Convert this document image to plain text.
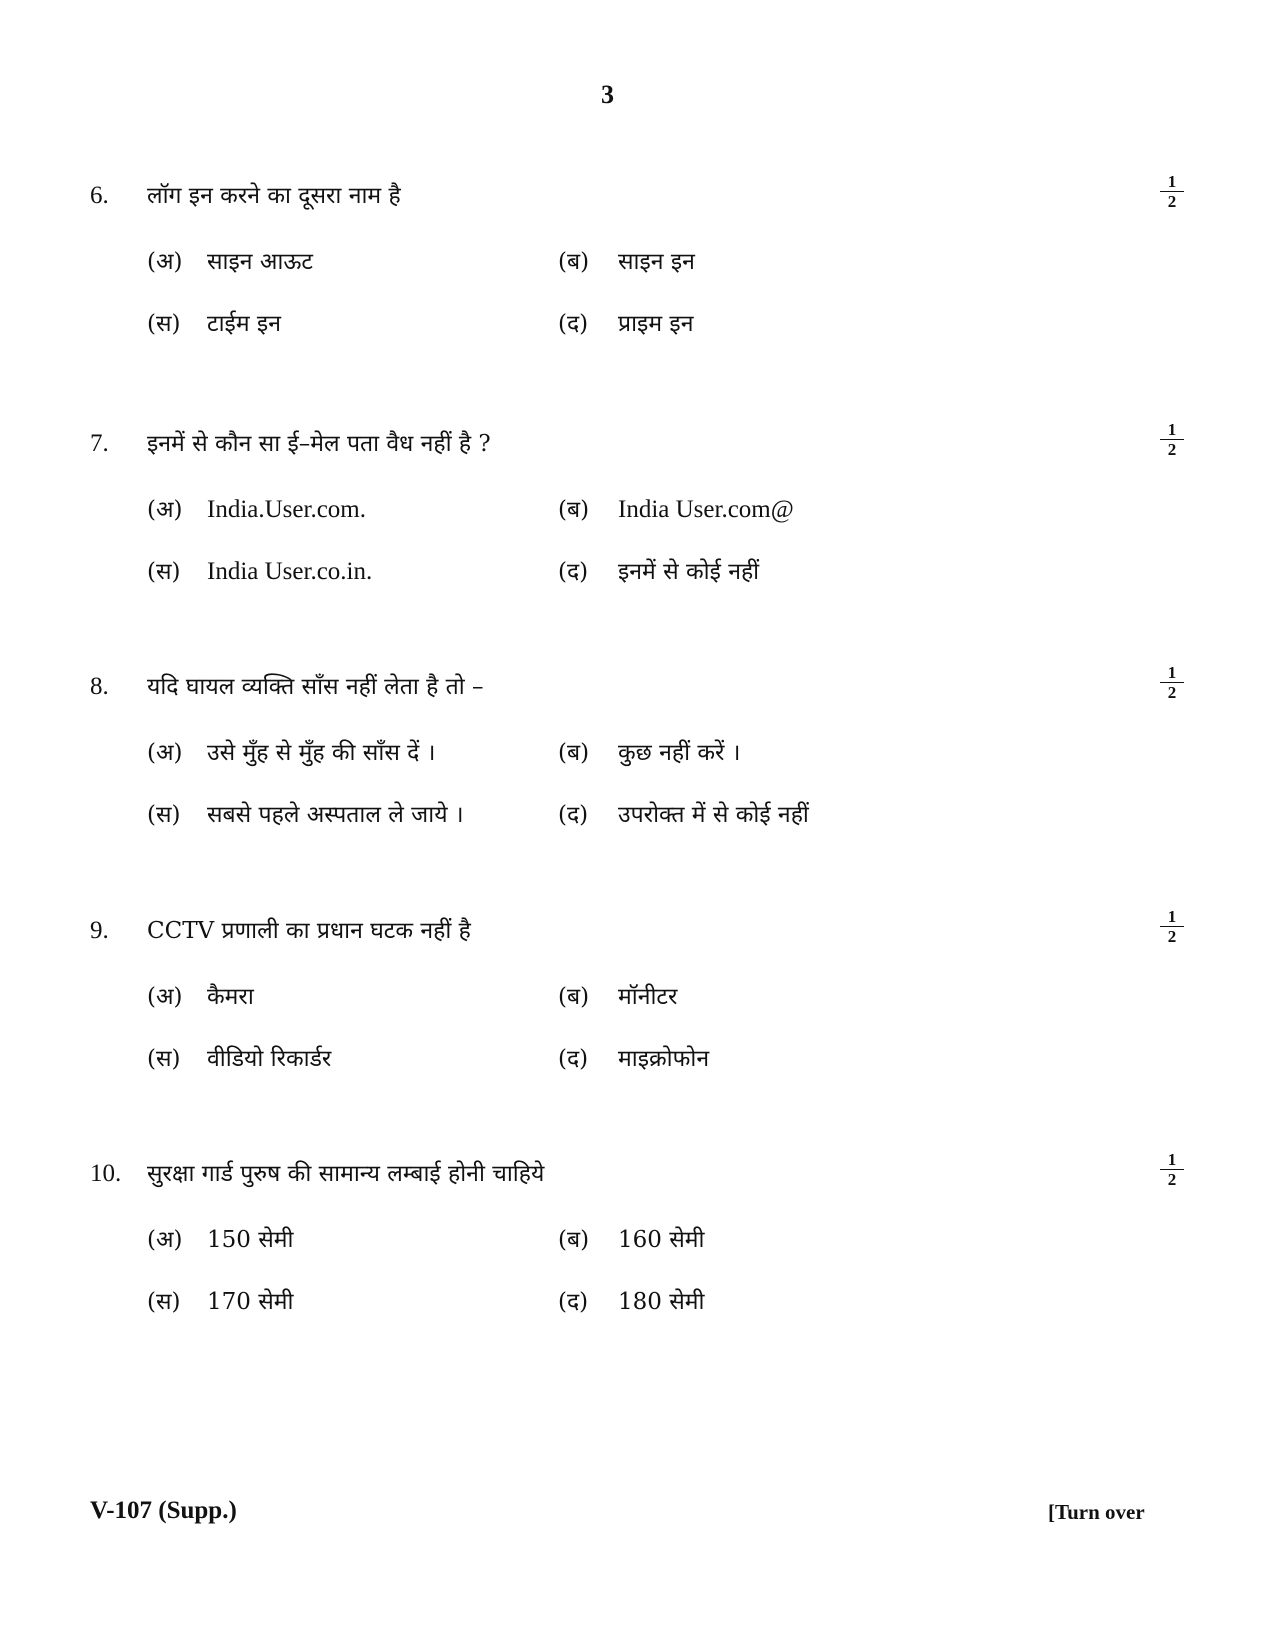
3
6. लॉग इन करने का दूसरा नाम है	$\frac{1}{2}$
(अ) साइन आऊट	(ब) साइन इन
(स) टाईम इन	(द) प्राइम इन
7. इनमें से कौन सा ई–मेल पता वैध नहीं है ?	$\frac{1}{2}$
(अ) India.User.com.	(ब) India User.com@
(स) India User.co.in.	(द) इनमें से कोई नहीं
8. यदि घायल व्यक्ति साँस नहीं लेता है तो –	$\frac{1}{2}$
(अ) उसे मुँह से मुँह की साँस दें ।	(ब) कुछ नहीं करें ।
(स) सबसे पहले अस्पताल ले जाये ।	(द) उपरोक्त में से कोई नहीं
9. CCTV प्रणाली का प्रधान घटक नहीं है	$\frac{1}{2}$
(अ) कैमरा	(ब) मॉनीटर
(स) वीडियो रिकार्डर	(द) माइक्रोफोन
10. सुरक्षा गार्ड पुरुष की सामान्य लम्बाई होनी चाहिये	$\frac{1}{2}$
(अ) 150 सेमी	(ब) 160 सेमी
(स) 170 सेमी	(द) 180 सेमी
V-107 (Supp.)	[Turn over
